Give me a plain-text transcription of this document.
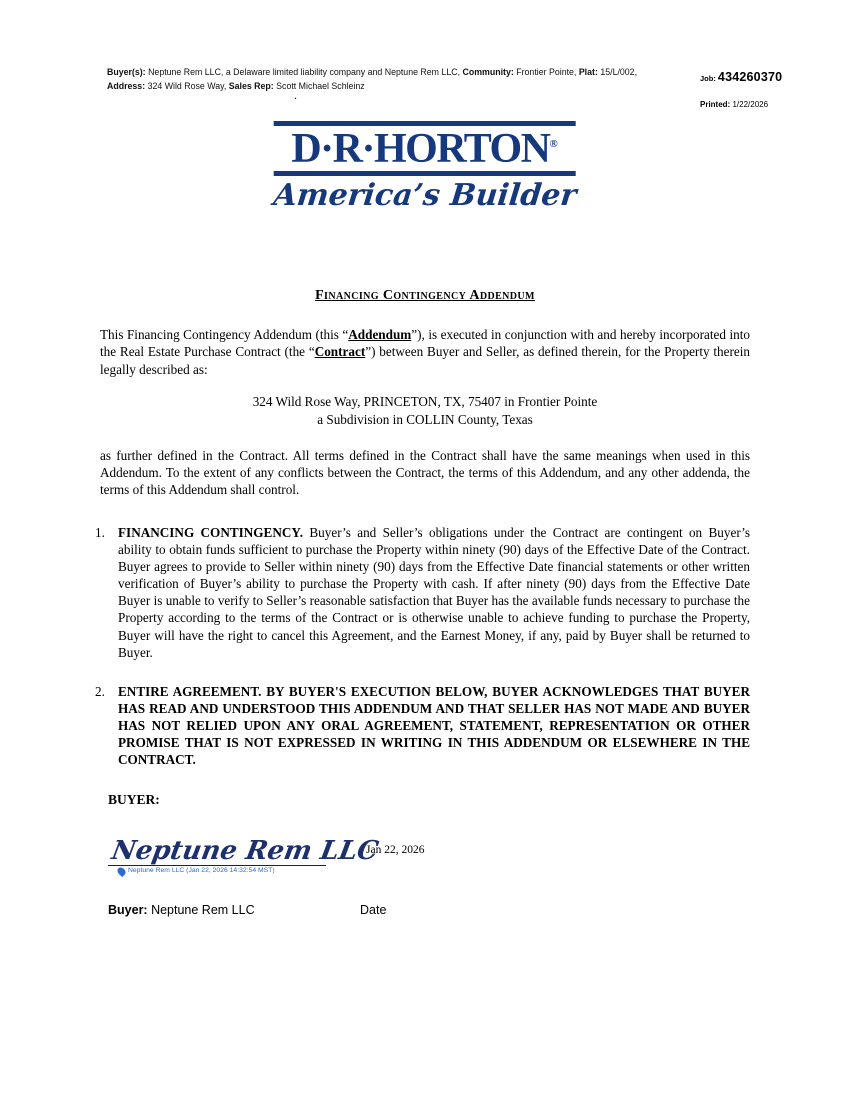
Buyer(s): Neptune Rem LLC, a Delaware limited liability company and Neptune Rem LLC, Community: Frontier Pointe, Plat: 15/L/002, Address: 324 Wild Rose Way, Sales Rep: Scott Michael Schleinz

Job: 434260370
Printed: 1/22/2026
.
D·R·HORTON®
America’s Builder
Financing Contingency Addendum

This Financing Contingency Addendum (this “Addendum”), is executed in conjunction with and hereby incorporated into the Real Estate Purchase Contract (the “Contract”) between Buyer and Seller, as defined therein, for the Property therein legally described as:

324 Wild Rose Way, PRINCETON, TX, 75407 in Frontier Pointe
a Subdivision in COLLIN County, Texas

as further defined in the Contract. All terms defined in the Contract shall have the same meanings when used in this Addendum. To the extent of any conflicts between the Contract, the terms of this Addendum, and any other addenda, the terms of this Addendum shall control.

1. FINANCING CONTINGENCY. Buyer’s and Seller’s obligations under the Contract are contingent on Buyer’s ability to obtain funds sufficient to purchase the Property within ninety (90) days of the Effective Date of the Contract. Buyer agrees to provide to Seller within ninety (90) days from the Effective Date financial statements or other written verification of Buyer’s ability to purchase the Property with cash. If after ninety (90) days from the Effective Date Buyer is unable to verify to Seller’s reasonable satisfaction that Buyer has the available funds necessary to purchase the Property according to the terms of the Contract or is otherwise unable to achieve funding to purchase the Property, Buyer will have the right to cancel this Agreement, and the Earnest Money, if any, paid by Buyer shall be returned to Buyer.
2. ENTIRE AGREEMENT. BY BUYER'S EXECUTION BELOW, BUYER ACKNOWLEDGES THAT BUYER HAS READ AND UNDERSTOOD THIS ADDENDUM AND THAT SELLER HAS NOT MADE AND BUYER HAS NOT RELIED UPON ANY ORAL AGREEMENT, STATEMENT, REPRESENTATION OR OTHER PROMISE THAT IS NOT EXPRESSED IN WRITING IN THIS ADDENDUM OR ELSEWHERE IN THE CONTRACT.
BUYER:
Neptune Rem LLC
Neptune Rem LLC (Jan 22, 2026 14:32:54 MST)
Jan 22, 2026
Buyer: Neptune Rem LLC	Date
